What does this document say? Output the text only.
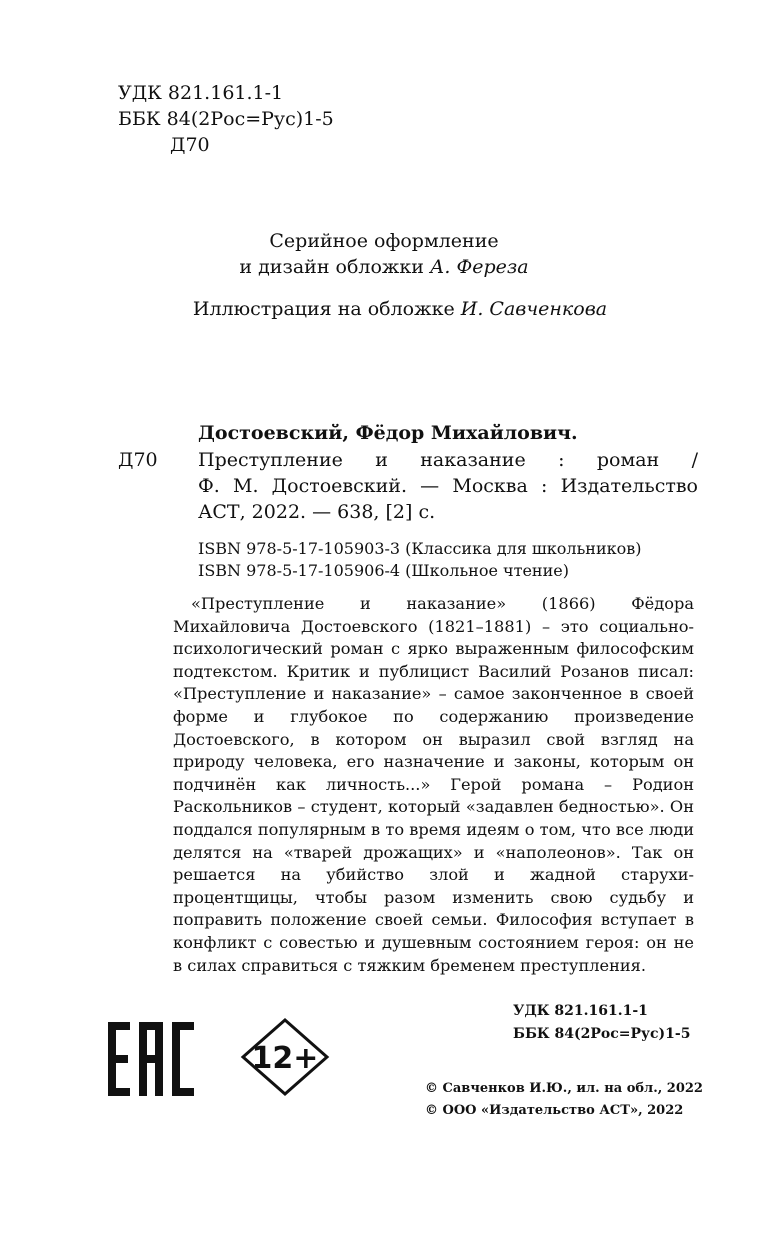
УДК 821.161.1-1
ББК 84(2Рос=Рус)1-5
Д70
Серийное оформление
и дизайн обложки А. Фереза
Иллюстрация на обложке И. Савченкова
Достоевский, Фёдор Михайлович.
Д70	Преступление и наказание : роман /
Ф. М. Достоевский. — Москва : Издательство
АСТ, 2022. — 638, [2] с.
ISBN 978-5-17-105903-3 (Классика для школьников)
ISBN 978-5-17-105906-4 (Школьное чтение)

«Преступление и наказание» (1866) Фёдора Михайловича Достоевского (1821–1881) – это социально-психологический роман с ярко выраженным философским подтекстом. Критик и публицист Василий Розанов писал: «Преступление и наказание» – самое законченное в своей форме и глубокое по содержанию произведение Достоевского, в котором он выразил свой взгляд на природу человека, его назначение и законы, которым он подчинён как личность...» Герой романа – Родион Раскольников – студент, который «задавлен бедностью». Он поддался популярным в то время идеям о том, что все люди делятся на «тварей дрожащих» и «наполеонов». Так он решается на убийство злой и жадной старухи-процентщицы, чтобы разом изменить свою судьбу и поправить положение своей семьи. Философия вступает в конфликт с совестью и душевным состоянием героя: он не в силах справиться с тяжким бременем преступления.

12+
УДК 821.161.1-1
ББК 84(2Рос=Рус)1-5
© Савченков И.Ю., ил. на обл., 2022
© ООО «Издательство АСТ», 2022
